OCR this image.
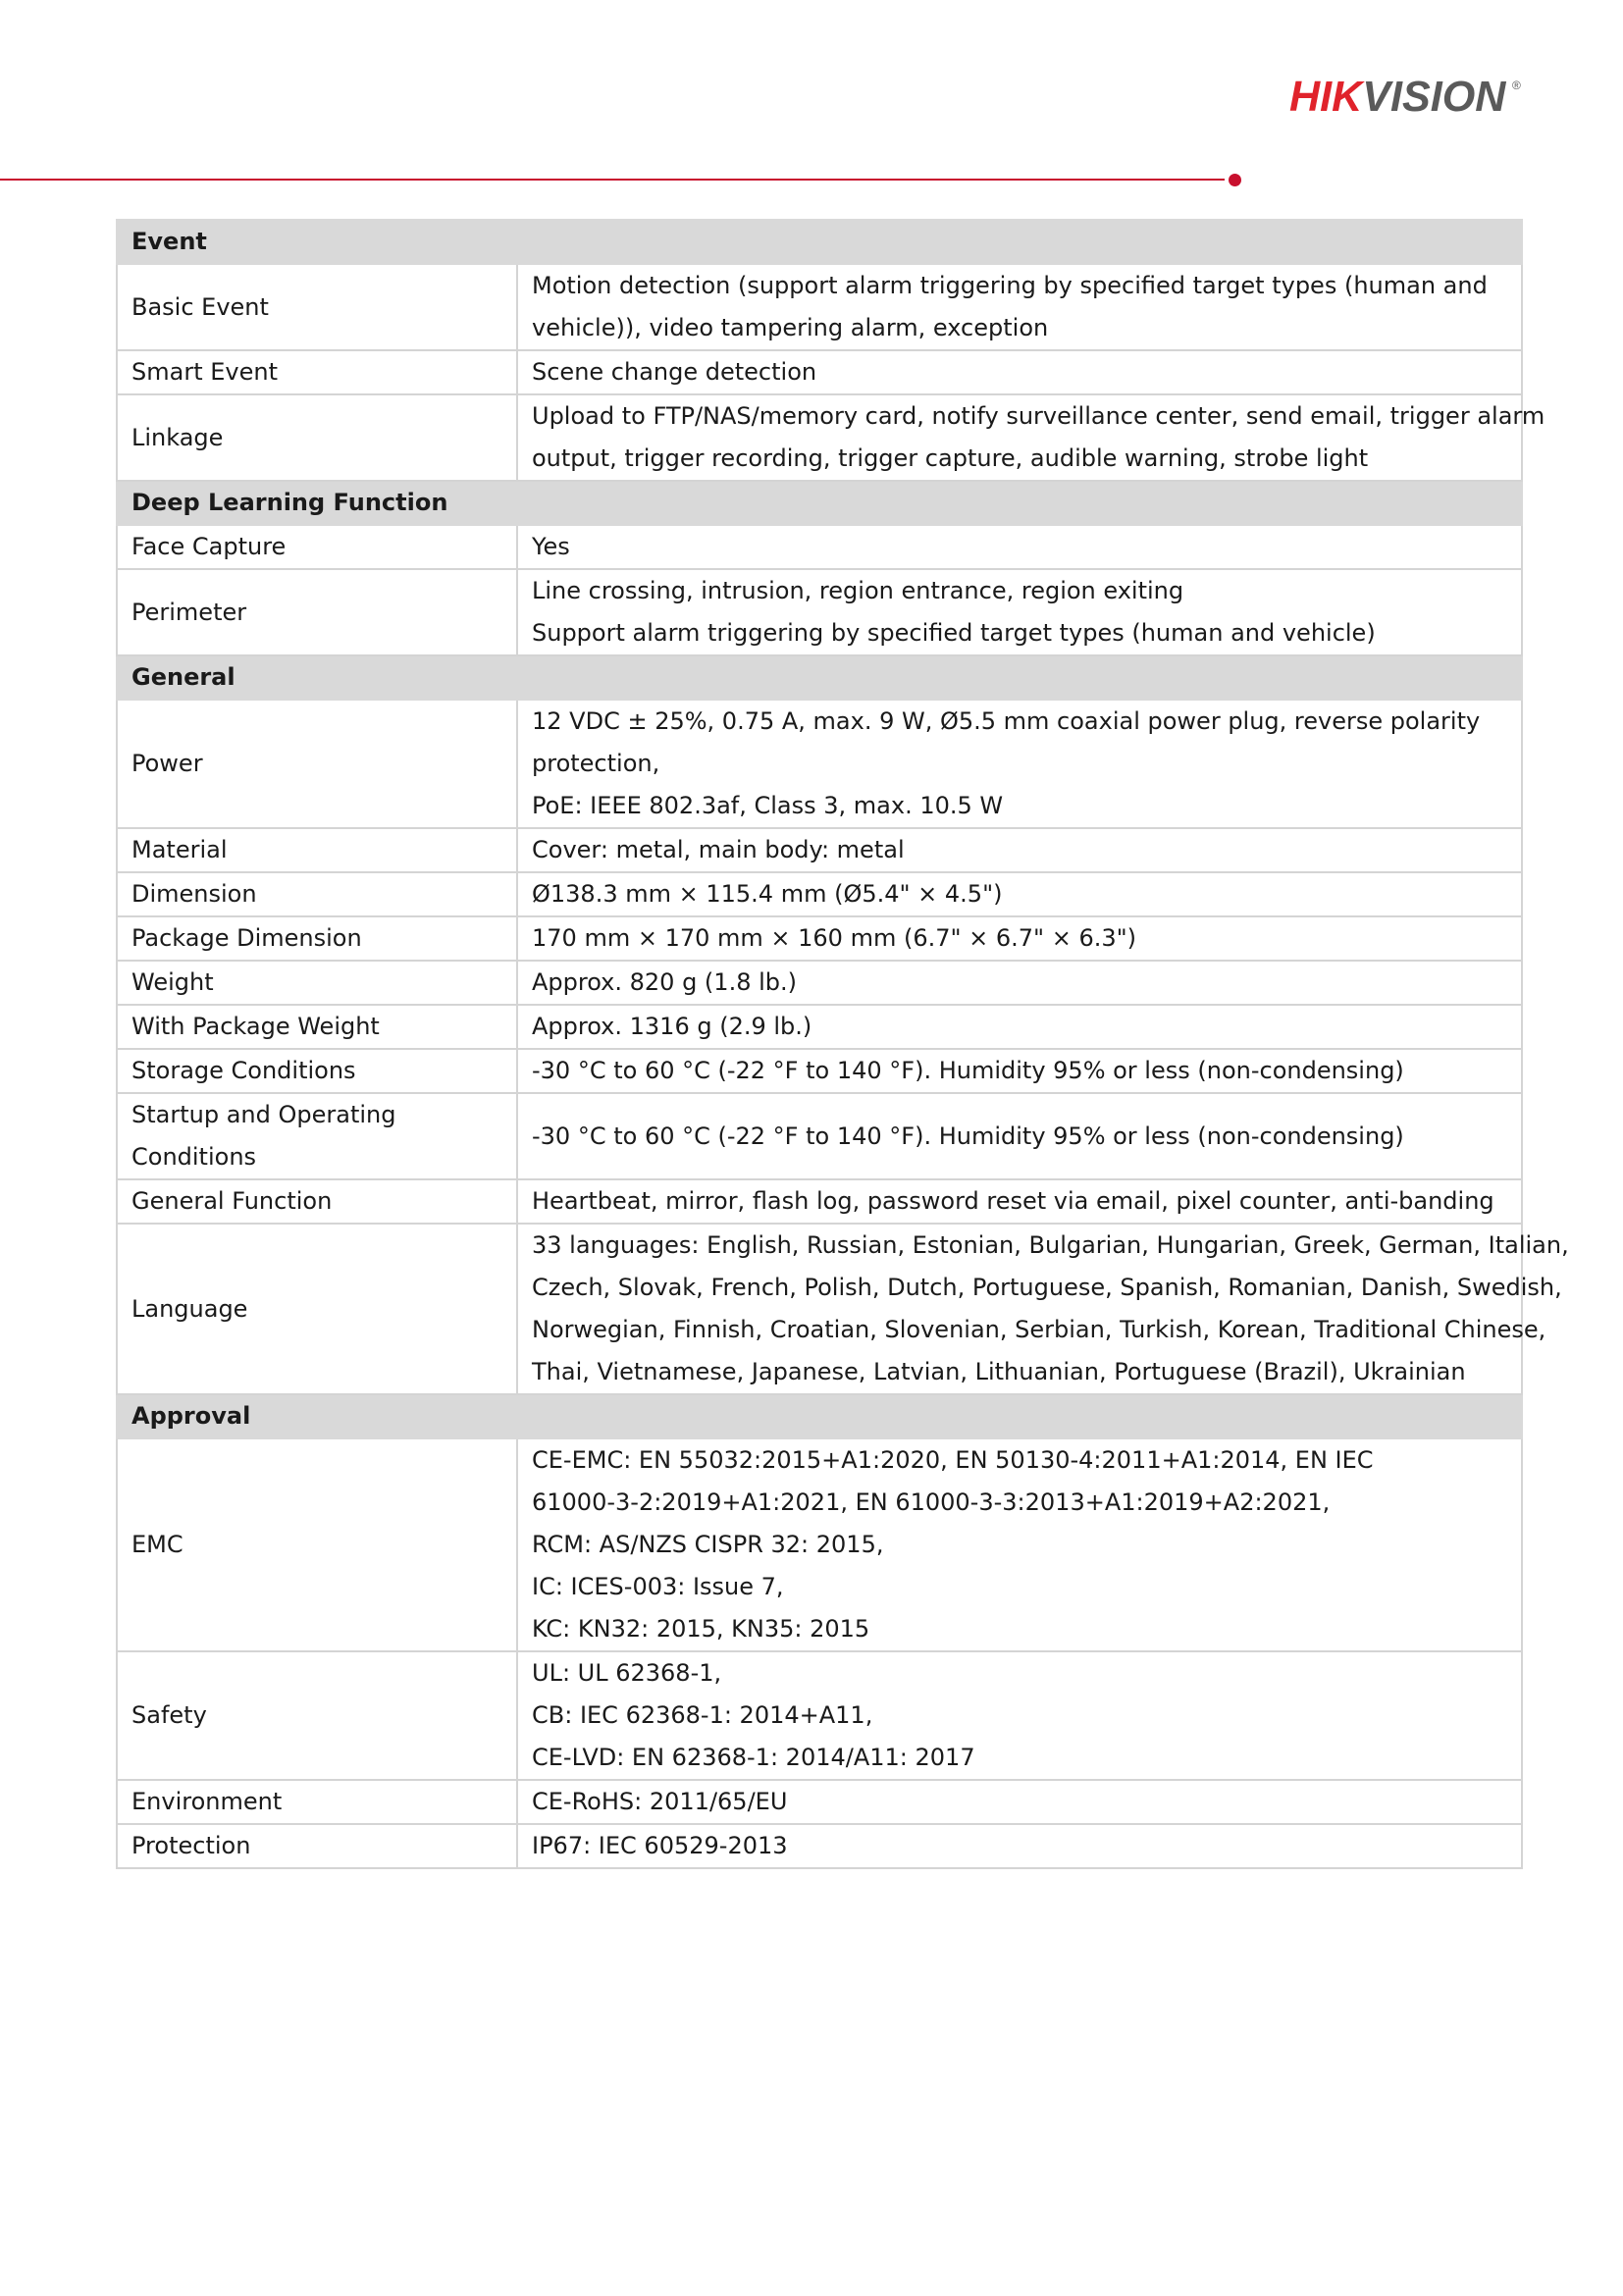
HIKVISION ®
Event	

Basic Event	Motion detection (support alarm triggering by specified target types (human and
vehicle)), video tampering alarm, exception

Smart Event	Scene change detection

Linkage	Upload to FTP/NAS/memory card, notify surveillance center, send email, trigger alarm
output, trigger recording, trigger capture, audible warning, strobe light

Deep Learning Function	

Face Capture	Yes

Perimeter	Line crossing, intrusion, region entrance, region exiting
Support alarm triggering by specified target types (human and vehicle)

General	

Power	12 VDC ± 25%, 0.75 A, max. 9 W, Ø5.5 mm coaxial power plug, reverse polarity
protection,
PoE: IEEE 802.3af, Class 3, max. 10.5 W

Material	Cover: metal, main body: metal

Dimension	Ø138.3 mm × 115.4 mm (Ø5.4" × 4.5")

Package Dimension	170 mm × 170 mm × 160 mm (6.7" × 6.7" × 6.3")

Weight	Approx. 820 g (1.8 lb.)

With Package Weight	Approx. 1316 g (2.9 lb.)

Storage Conditions	-30 °C to 60 °C (-22 °F to 140 °F). Humidity 95% or less (non-condensing)

Startup and Operating
Conditions	-30 °C to 60 °C (-22 °F to 140 °F). Humidity 95% or less (non-condensing)

General Function	Heartbeat, mirror, flash log, password reset via email, pixel counter, anti-banding

Language	33 languages: English, Russian, Estonian, Bulgarian, Hungarian, Greek, German, Italian,
Czech, Slovak, French, Polish, Dutch, Portuguese, Spanish, Romanian, Danish, Swedish,
Norwegian, Finnish, Croatian, Slovenian, Serbian, Turkish, Korean, Traditional Chinese,
Thai, Vietnamese, Japanese, Latvian, Lithuanian, Portuguese (Brazil), Ukrainian

Approval	

EMC	CE-EMC: EN 55032:2015+A1:2020, EN 50130-4:2011+A1:2014, EN IEC
61000-3-2:2019+A1:2021, EN 61000-3-3:2013+A1:2019+A2:2021,
RCM: AS/NZS CISPR 32: 2015,
IC: ICES-003: Issue 7,
KC: KN32: 2015, KN35: 2015

Safety	UL: UL 62368-1,
CB: IEC 62368-1: 2014+A11,
CE-LVD: EN 62368-1: 2014/A11: 2017

Environment	CE-RoHS: 2011/65/EU

Protection	IP67: IEC 60529-2013
